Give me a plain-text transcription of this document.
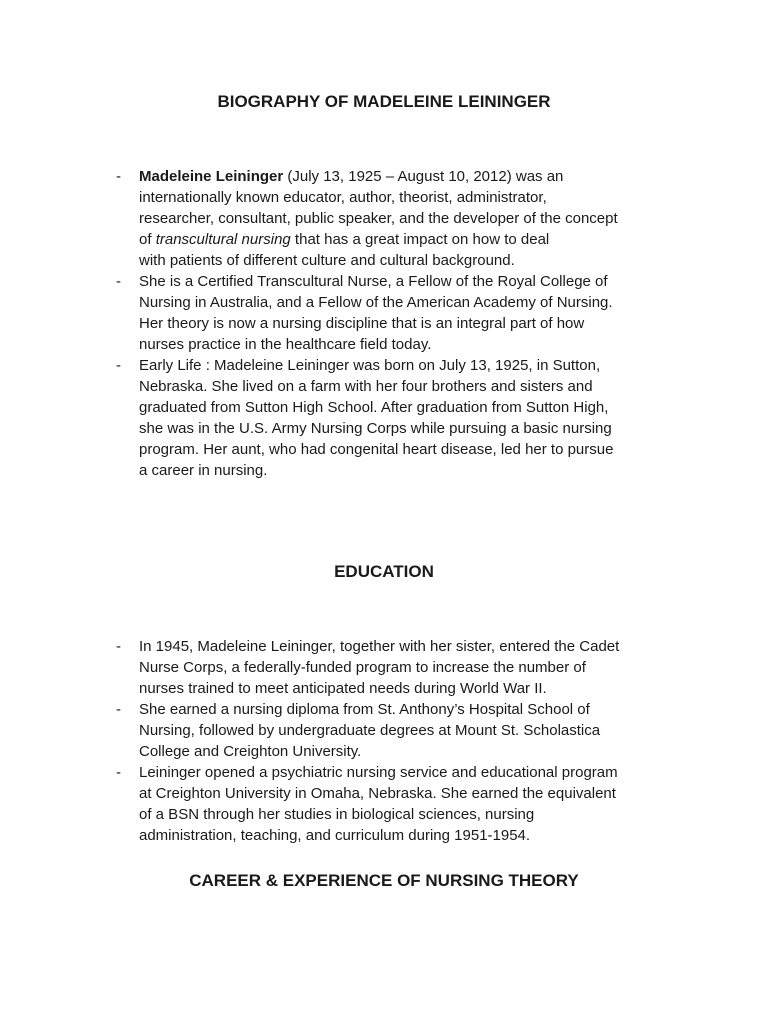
BIOGRAPHY OF MADELEINE LEININGER
-	Madeleine Leininger (July 13, 1925 – August 10, 2012) was an
internationally known educator, author, theorist, administrator,
researcher, consultant, public speaker, and the developer of the concept
of transcultural nursing that has a great impact on how to deal
with patients of different culture and cultural background.
-	She is a Certified Transcultural Nurse, a Fellow of the Royal College of
Nursing in Australia, and a Fellow of the American Academy of Nursing.
Her theory is now a nursing discipline that is an integral part of how
nurses practice in the healthcare field today.
-	Early Life : Madeleine Leininger was born on July 13, 1925, in Sutton,
Nebraska. She lived on a farm with her four brothers and sisters and
graduated from Sutton High School. After graduation from Sutton High,
she was in the U.S. Army Nursing Corps while pursuing a basic nursing
program. Her aunt, who had congenital heart disease, led her to pursue
a career in nursing.
EDUCATION
-	In 1945, Madeleine Leininger, together with her sister, entered the Cadet
Nurse Corps, a federally-funded program to increase the number of
nurses trained to meet anticipated needs during World War II.
-	She earned a nursing diploma from St. Anthony’s Hospital School of
Nursing, followed by undergraduate degrees at Mount St. Scholastica
College and Creighton University.
-	Leininger opened a psychiatric nursing service and educational program
at Creighton University in Omaha, Nebraska. She earned the equivalent
of a BSN through her studies in biological sciences, nursing
administration, teaching, and curriculum during 1951-1954.
CAREER & EXPERIENCE OF NURSING THEORY
